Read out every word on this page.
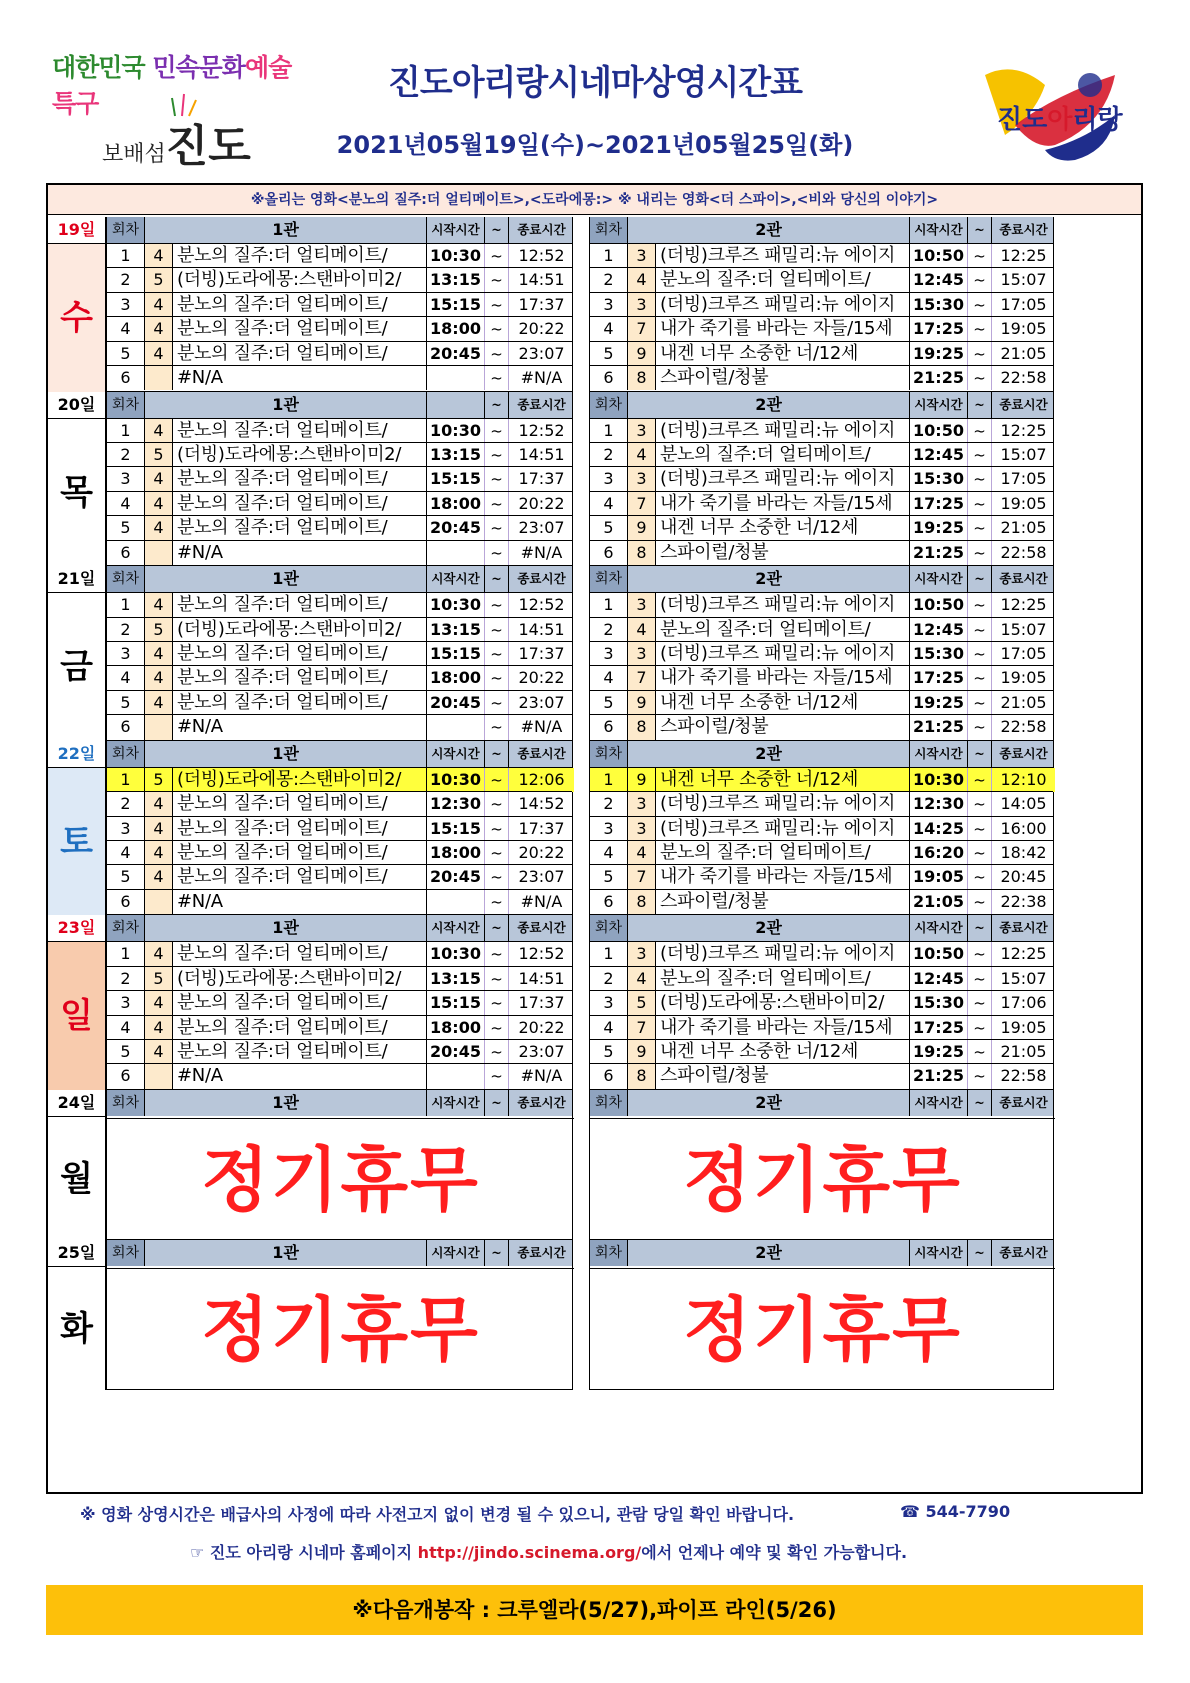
대한민국 민속문화예술특구
보배섬진도
진도아리랑시네마상영시간표
2021년05월19일(수)~2021년05월25일(화)
진도아리랑
※올리는 영화<분노의 질주:더 얼티메이트>,<도라에몽:> ※ 내리는 영화<더 스파이>,<비와 당신의 이야기>
19일
수
회차	1관	시작시간 ~	종료시간
1	4 분노의 질주:더 얼티메이트/	10:30 ~ 12:52
2	5 (더빙)도라에몽:스탠바이미2/	13:15 ~ 14:51
3	4 분노의 질주:더 얼티메이트/	15:15 ~ 17:37
4	4 분노의 질주:더 얼티메이트/	18:00 ~ 20:22
5	4 분노의 질주:더 얼티메이트/	20:45 ~ 23:07
6	#N/A	~	#N/A
회차	2관	시작시간 ~	종료시간
1	3 (더빙)크루즈 패밀리:뉴 에이지	10:50 ~ 12:25
2	4 분노의 질주:더 얼티메이트/	12:45 ~ 15:07
3	3 (더빙)크루즈 패밀리:뉴 에이지	15:30 ~ 17:05
4	7 내가 죽기를 바라는 자들/15세	17:25 ~ 19:05
5	9 내겐 너무 소중한 너/12세	19:25 ~ 21:05
6	8 스파이럴/청불	21:25 ~ 22:58
20일
목
회차	1관	~	종료시간
1	4 분노의 질주:더 얼티메이트/	10:30 ~ 12:52
2	5 (더빙)도라에몽:스탠바이미2/	13:15 ~ 14:51
3	4 분노의 질주:더 얼티메이트/	15:15 ~ 17:37
4	4 분노의 질주:더 얼티메이트/	18:00 ~ 20:22
5	4 분노의 질주:더 얼티메이트/	20:45 ~ 23:07
6	#N/A	~	#N/A
회차	2관	시작시간 ~	종료시간
1	3 (더빙)크루즈 패밀리:뉴 에이지	10:50 ~ 12:25
2	4 분노의 질주:더 얼티메이트/	12:45 ~ 15:07
3	3 (더빙)크루즈 패밀리:뉴 에이지	15:30 ~ 17:05
4	7 내가 죽기를 바라는 자들/15세	17:25 ~ 19:05
5	9 내겐 너무 소중한 너/12세	19:25 ~ 21:05
6	8 스파이럴/청불	21:25 ~ 22:58
21일
금
회차	1관	시작시간 ~	종료시간
1	4 분노의 질주:더 얼티메이트/	10:30 ~ 12:52
2	5 (더빙)도라에몽:스탠바이미2/	13:15 ~ 14:51
3	4 분노의 질주:더 얼티메이트/	15:15 ~ 17:37
4	4 분노의 질주:더 얼티메이트/	18:00 ~ 20:22
5	4 분노의 질주:더 얼티메이트/	20:45 ~ 23:07
6	#N/A	~	#N/A
회차	2관	시작시간 ~	종료시간
1	3 (더빙)크루즈 패밀리:뉴 에이지	10:50 ~ 12:25
2	4 분노의 질주:더 얼티메이트/	12:45 ~ 15:07
3	3 (더빙)크루즈 패밀리:뉴 에이지	15:30 ~ 17:05
4	7 내가 죽기를 바라는 자들/15세	17:25 ~ 19:05
5	9 내겐 너무 소중한 너/12세	19:25 ~ 21:05
6	8 스파이럴/청불	21:25 ~ 22:58
22일
토
회차	1관	시작시간 ~	종료시간
1	5 (더빙)도라에몽:스탠바이미2/	10:30 ~ 12:06
2	4 분노의 질주:더 얼티메이트/	12:30 ~ 14:52
3	4 분노의 질주:더 얼티메이트/	15:15 ~ 17:37
4	4 분노의 질주:더 얼티메이트/	18:00 ~ 20:22
5	4 분노의 질주:더 얼티메이트/	20:45 ~ 23:07
6	#N/A	~	#N/A
회차	2관	시작시간 ~	종료시간
1	9 내겐 너무 소중한 너/12세	10:30 ~ 12:10
2	3 (더빙)크루즈 패밀리:뉴 에이지	12:30 ~ 14:05
3	3 (더빙)크루즈 패밀리:뉴 에이지	14:25 ~ 16:00
4	4 분노의 질주:더 얼티메이트/	16:20 ~ 18:42
5	7 내가 죽기를 바라는 자들/15세	19:05 ~ 20:45
6	8 스파이럴/청불	21:05 ~ 22:38
23일
일
회차	1관	시작시간 ~	종료시간
1	4 분노의 질주:더 얼티메이트/	10:30 ~ 12:52
2	5 (더빙)도라에몽:스탠바이미2/	13:15 ~ 14:51
3	4 분노의 질주:더 얼티메이트/	15:15 ~ 17:37
4	4 분노의 질주:더 얼티메이트/	18:00 ~ 20:22
5	4 분노의 질주:더 얼티메이트/	20:45 ~ 23:07
6	#N/A	~	#N/A
회차	2관	시작시간 ~	종료시간
1	3 (더빙)크루즈 패밀리:뉴 에이지	10:50 ~ 12:25
2	4 분노의 질주:더 얼티메이트/	12:45 ~ 15:07
3	5 (더빙)도라에몽:스탠바이미2/	15:30 ~ 17:06
4	7 내가 죽기를 바라는 자들/15세	17:25 ~ 19:05
5	9 내겐 너무 소중한 너/12세	19:25 ~ 21:05
6	8 스파이럴/청불	21:25 ~ 22:58
24일
월
회차	1관	시작시간 ~	종료시간
정기휴무
회차	2관	시작시간 ~	종료시간
정기휴무
25일
화
회차	1관	시작시간 ~	종료시간
정기휴무
회차	2관	시작시간 ~	종료시간
정기휴무
※ 영화 상영시간은 배급사의 사정에 따라 사전고지 없이 변경 될 수 있으니, 관람 당일 확인 바랍니다.	☎ 544-7790
☞ 진도 아리랑 시네마 홈페이지 http://jindo.scinema.org/에서 언제나 예약 및 확인 가능합니다.
※다음개봉작 : 크루엘라(5/27),파이프 라인(5/26)
